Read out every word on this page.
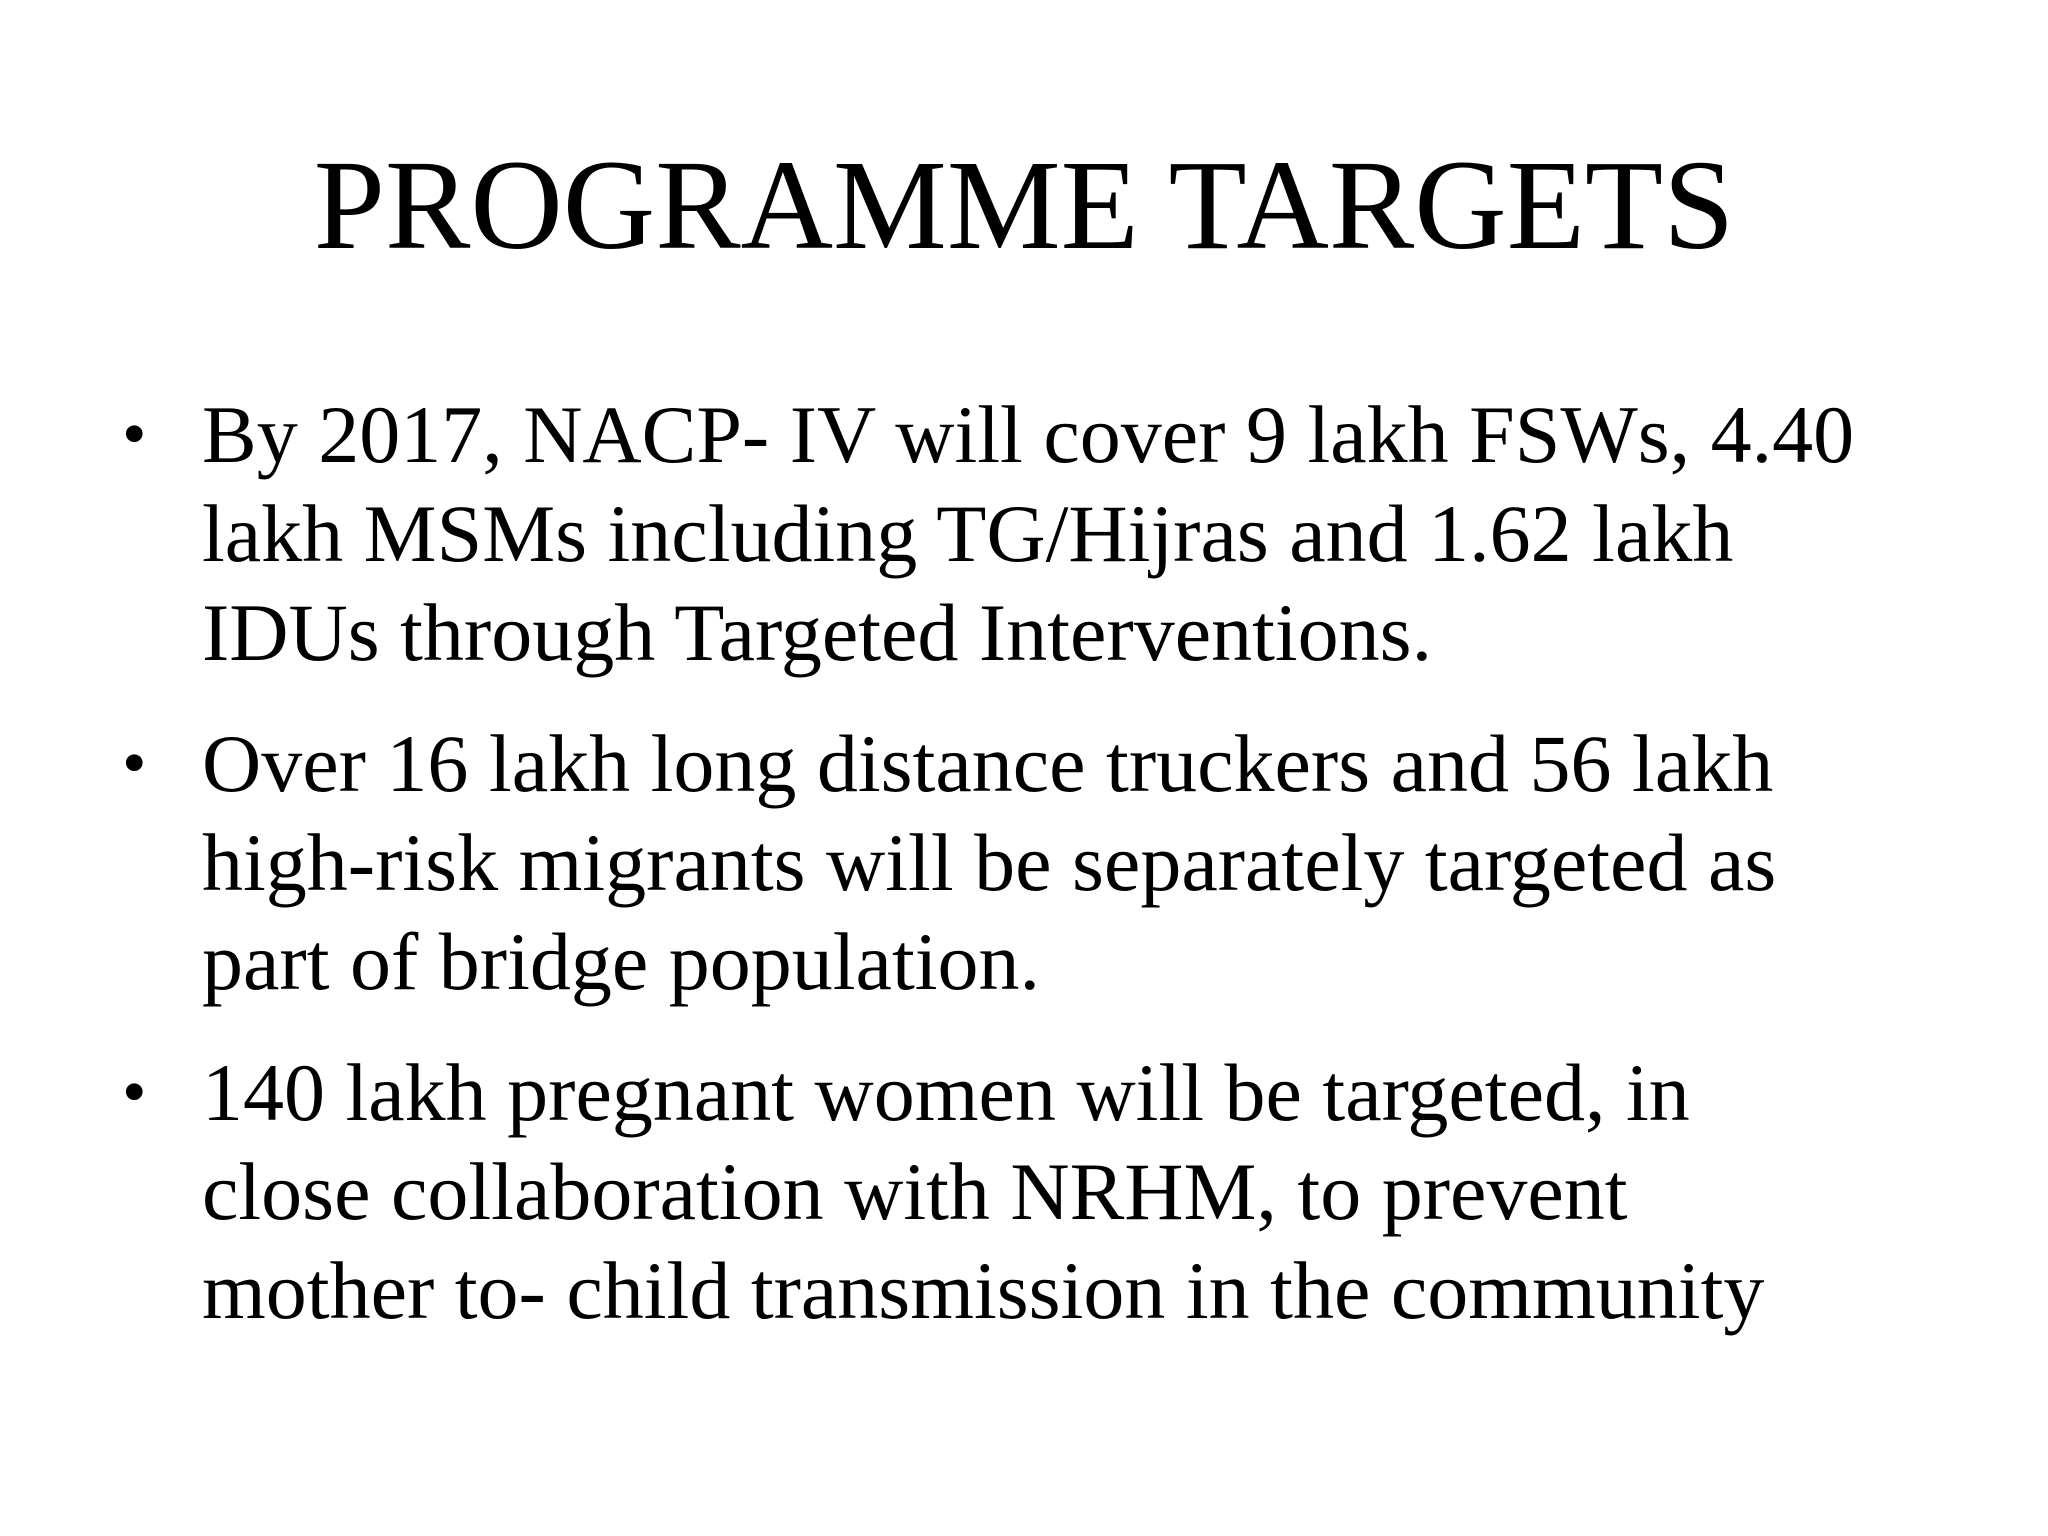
PROGRAMME TARGETS
• By 2017, NACP- IV will cover 9 lakh FSWs, 4.40
lakh MSMs including TG/Hijras and 1.62 lakh
IDUs through Targeted Interventions.
• Over 16 lakh long distance truckers and 56 lakh
high-risk migrants will be separately targeted as
part of bridge population.
• 140 lakh pregnant women will be targeted, in
close collaboration with NRHM, to prevent
mother to- child transmission in the community
